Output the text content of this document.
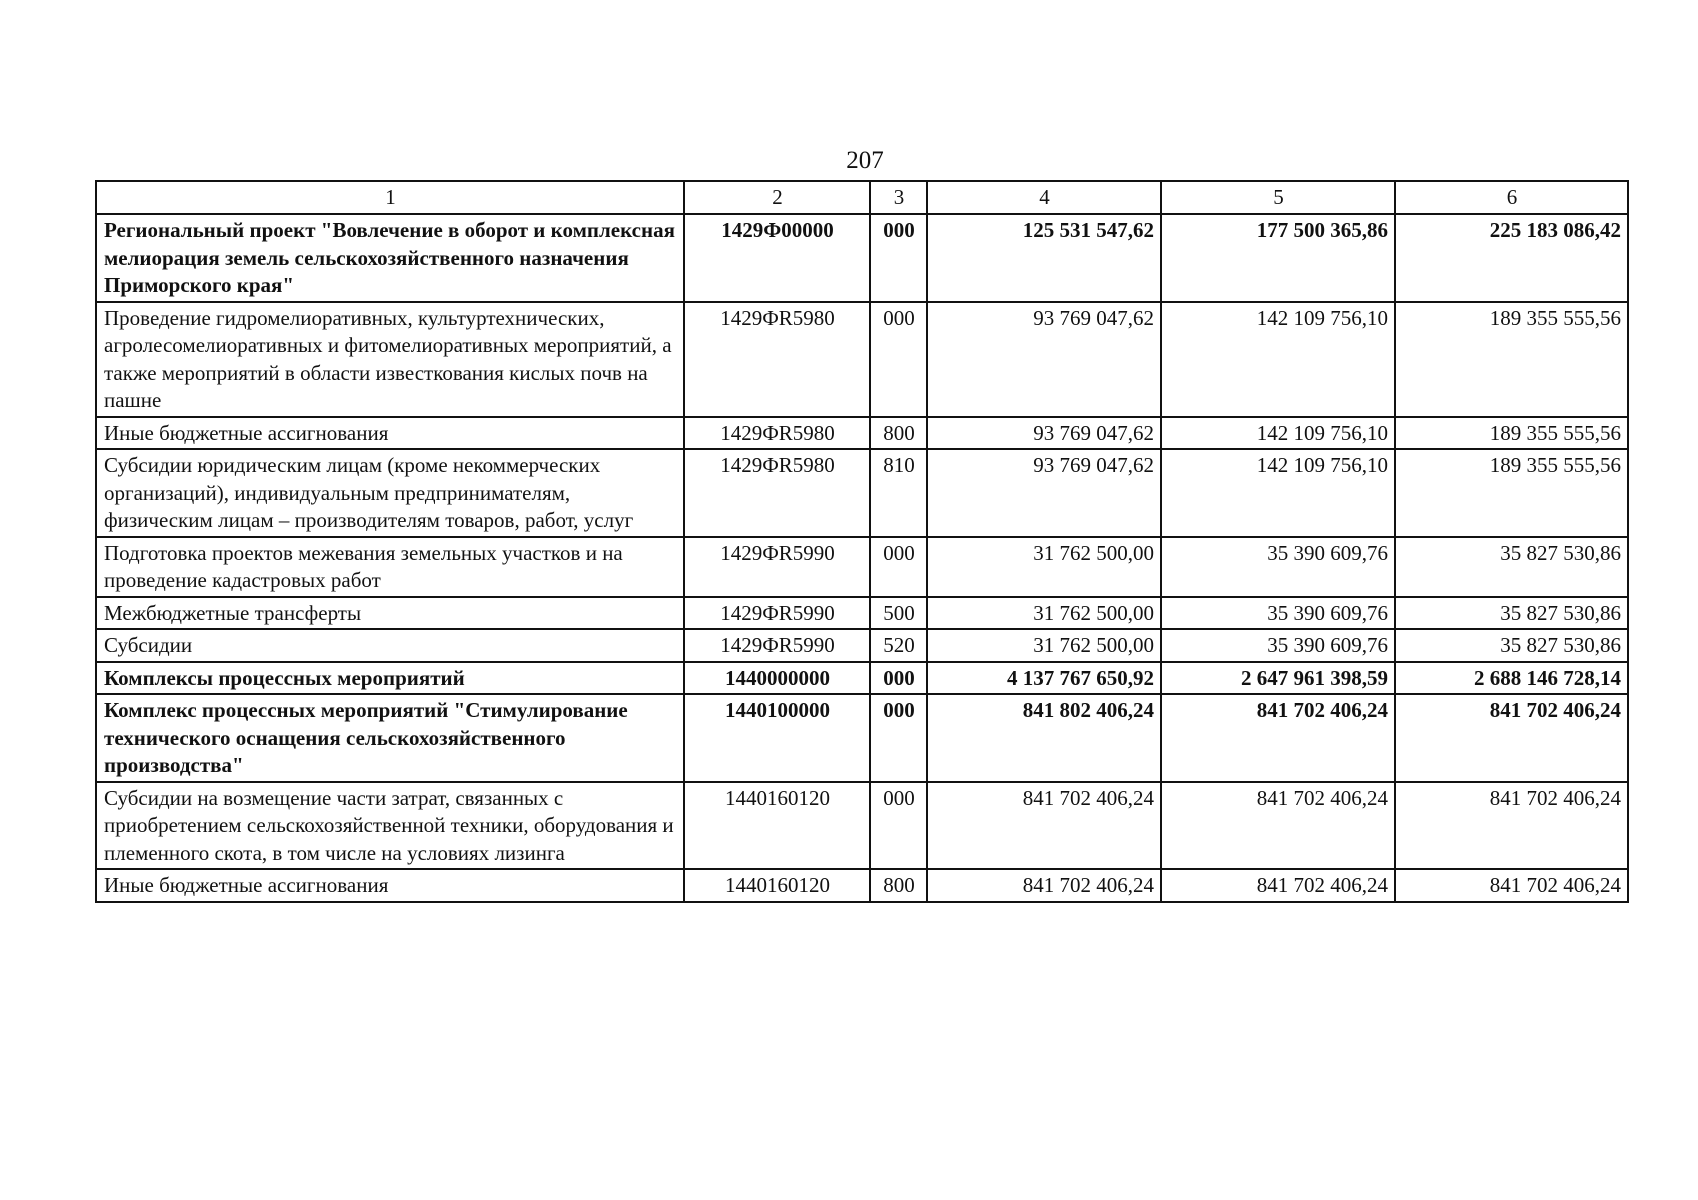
207
1	2	3	4	5	6
Региональный проект "Вовлечение в оборот и комплексная мелиорация земель сельскохозяйственного назначения Приморского края"	1429Ф00000	000	125 531 547,62	177 500 365,86	225 183 086,42
Проведение гидромелиоративных, культуртехнических, агролесомелиоративных и фитомелиоративных мероприятий, а также мероприятий в области известкования кислых почв на пашне	1429ФR5980	000	93 769 047,62	142 109 756,10	189 355 555,56
Иные бюджетные ассигнования	1429ФR5980	800	93 769 047,62	142 109 756,10	189 355 555,56
Субсидии юридическим лицам (кроме некоммерческих организаций), индивидуальным предпринимателям, физическим лицам – производителям товаров, работ, услуг	1429ФR5980	810	93 769 047,62	142 109 756,10	189 355 555,56
Подготовка проектов межевания земельных участков и на проведение кадастровых работ	1429ФR5990	000	31 762 500,00	35 390 609,76	35 827 530,86
Межбюджетные трансферты	1429ФR5990	500	31 762 500,00	35 390 609,76	35 827 530,86
Субсидии	1429ФR5990	520	31 762 500,00	35 390 609,76	35 827 530,86
Комплексы процессных мероприятий	1440000000	000	4 137 767 650,92	2 647 961 398,59	2 688 146 728,14
Комплекс процессных мероприятий "Стимулирование технического оснащения сельскохозяйственного производства"	1440100000	000	841 802 406,24	841 702 406,24	841 702 406,24
Субсидии на возмещение части затрат, связанных с приобретением сельскохозяйственной техники, оборудования и племенного скота, в том числе на условиях лизинга	1440160120	000	841 702 406,24	841 702 406,24	841 702 406,24
Иные бюджетные ассигнования	1440160120	800	841 702 406,24	841 702 406,24	841 702 406,24
